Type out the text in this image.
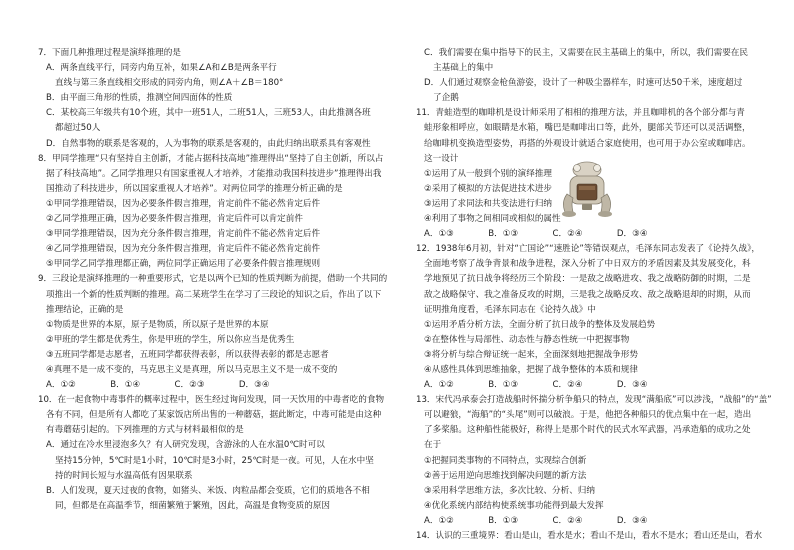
7．下面几种推理过程是演绎推理的是
A．两条直线平行，同旁内角互补，如果∠A和∠B是两条平行
直线与第三条直线相交形成的同旁内角，则∠A＋∠B＝180°
B．由平面三角形的性质，推测空间四面体的性质
C．某校高三年级共有10个班，其中一班51人，二班51人，三班53人，由此推测各班
都超过50人
D．自然事物的联系是客观的，人为事物的联系是客观的，由此归纳出联系具有客观性
8．甲同学推理“只有坚持自主创新，才能占据科技高地”推理得出“坚持了自主创新，所以占
据了科技高地”。乙同学推理只有国家重视人才培养，才能推动我国科技进步”推理得出我
国推动了科技进步，所以国家重视人才培养”。对两位同学的推理分析正确的是
①甲同学推理错误，因为必要条件假言推理，肯定前件不能必然肯定后件
②乙同学推理正确，因为必要条件假言推理，肯定后件可以肯定前件
③甲同学推理错误，因为充分条件假言推理，肯定前件不能必然肯定后件
④乙同学推理错误，因为充分条件假言推理，肯定后件不能必然肯定前件
⑤甲同学乙同学推理都正确，两位同学正确运用了必要条件假言推理规则
9．三段论是演绎推理的一种重要形式，它是以两个已知的性质判断为前提，借助一个共同的
项推出一个新的性质判断的推理。高二某班学生在学习了三段论的知识之后，作出了以下
推理结论，正确的是
①物质是世界的本原，原子是物质，所以原子是世界的本原
②甲班的学生都是优秀生，你是甲班的学生，所以你应当是优秀生
③五班同学都是志愿者，五班同学都获得表彰，所以获得表彰的都是志愿者
④真理不是一成不变的，马克思主义是真理，所以马克思主义不是一成不变的
A．①②　　　　B．①④　　　　C．②③　　　　D．③④
10．在一起食物中毒事件的概率过程中，医生经过询问发现，同一天饮用的中毒者吃的食物
各有不同，但是所有人都吃了某家饭店所出售的一种蘑菇，据此断定，中毒可能是由这种
有毒蘑菇引起的。下列推理的方式与材料最相似的是
A．通过在冷水里浸泡多久？有人研究发现，含游泳的人在水温0℃时可以
坚持15分钟，5℃时是1小时，10℃时是3小时，25℃时是一夜。可见，人在水中坚
持的时间长短与水温高低有因果联系
B．人们发现，夏天过夜的食物，如猪头、米饭、肉粒品都会变质，它们的质地各不相
同，但都是在高温季节，细菌繁殖于繁殖，因此，高温是食物变质的原因
C．我们需要在集中指导下的民主，又需要在民主基础上的集中，所以，我们需要在民
主基础上的集中
D．人们通过观察金枪鱼游姿，设计了一种吸尘器样车，时速可达50千米，速度超过
了企鹅
11．青蛙造型的咖啡机是设计师采用了相相的推理方法，并且咖啡机的各个部分都与青
蛙形象相呼应，如眼睛是水箱，嘴巴是咖啡出口等，此外，腿部关节还可以灵活调整，
给咖啡机变换造型姿势，再搭的外观设计就适合家庭使用，也可用于办公室或咖啡店。
这一设计
①运用了从一般到个别的演绎推理
②采用了模拟的方法促进技术进步
③运用了求同法和共变法进行归纳
④利用了事物之间相同或相似的属性
A．①③　　　　B．①③　　　　C．②④　　　　D．③④
12．1938年6月初，针对“亡国论”“速胜论”等错误观点，毛泽东同志发表了《论持久战》，
全面地考察了战争背景和战争进程，深入分析了中日双方的矛盾因素及其发展变化，科
学地预见了抗日战争将经历三个阶段：一是敌之战略进攻、我之战略防御的时期，二是
敌之战略保守、我之准备反攻的时期，三是我之战略反攻、敌之战略退却的时期，从而
证明推角度看，毛泽东同志在《论持久战》中
①运用矛盾分析方法，全面分析了抗日战争的整体及发展趋势
②在整体性与局部性、动态性与静态性统一中把握事物
③将分析与综合辩证统一起来，全面深刻地把握战争形势
④从感性具体到思维抽象，把握了战争整体的本质和规律
A．①②　　　　B．①③　　　　C．②④　　　　D．③④
13．宋代冯承泰会打造战船时怀揣分析争船只的特点，发现“满船底”可以涉浅，“战船”的“盖”
可以避狼，“海船”的“头尾”则可以破浪。于是，他把各种船只的优点集中在一起，造出
了多桨船。这种船性能极好，称得上是那个时代的民式水军武器，冯承造船的成功之处
在于
①把握同类事物的不同特点，实现综合创新
②善于运用逆向思维找到解决问题的新方法
③采用科学思维方法，多次比较、分析、归纳
④优化系统内部结构使系统事功能得到最大发挥
A．①②　　　　B．①③　　　　C．②④　　　　D．③④
14．认识的三重境界：看山是山，看水是水；看山不是山，看水不是水；看山还是山，看水
